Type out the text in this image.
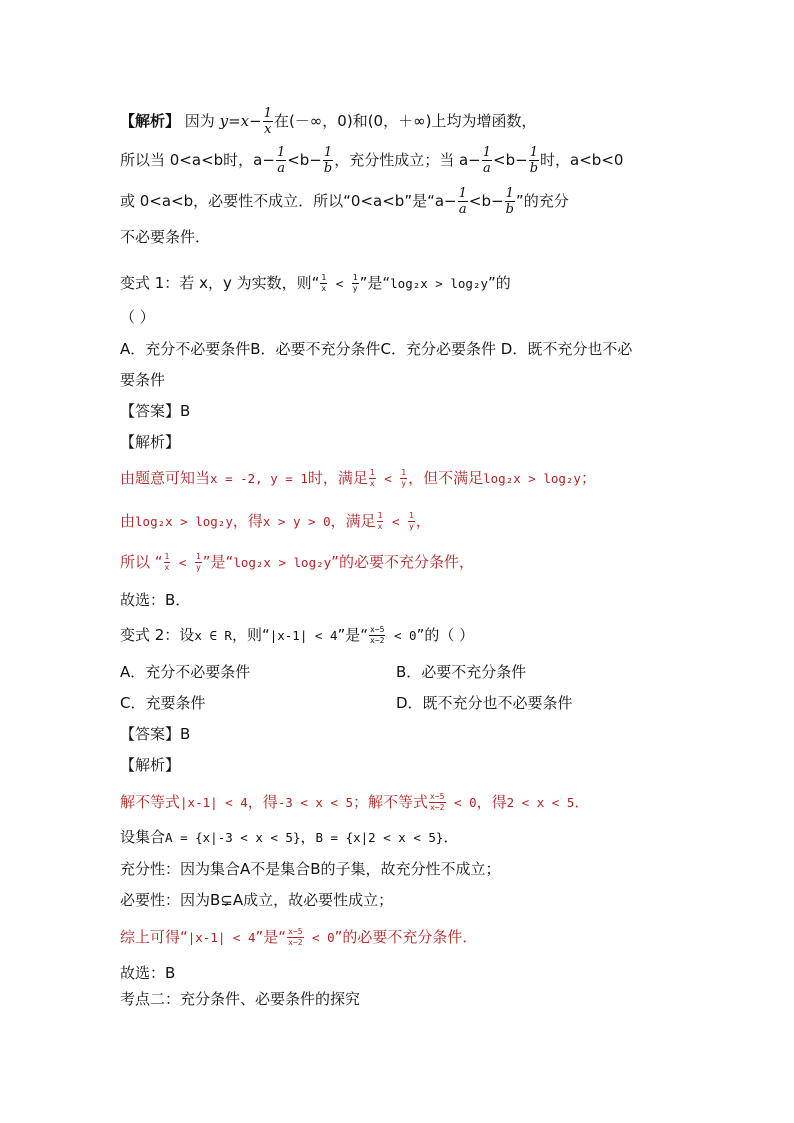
【解析】 因为 $y=x- \frac{1}{x}$ 在(－∞，0)和(0，＋∞)上均为增函数，
所以当 0<a<b时，$a- \frac{1}{a} <b- \frac{1}{b}$ ，充分性成立；当 $a- \frac{1}{a} <b- \frac{1}{b}$ 时，a<b<0
或 0<a<b，必要性不成立．所以“0<a<b”是“$a- \frac{1}{a} <b- \frac{1}{b}$ ”的充分
不必要条件．
变式 1：若 x，y 为实数，则“ $\frac{1}{x} < \frac{1}{y}$ ”是“log₂x > log₂y”的
（ ）
A．充分不必要条件B．必要不充分条件C．充分必要条件 D．既不充分也不必
要条件
【答案】B
【解析】
由题意可知当x = -2, y = 1时，满足 $\frac{1}{x} < \frac{1}{y}$ ，但不满足log₂x > log₂y；
由log₂x > log₂y，得x > y > 0，满足 $\frac{1}{x} < \frac{1}{y}$ ，
所以 “ $\frac{1}{x} < \frac{1}{y}$ ”是“log₂x > log₂y”的必要不充分条件，
故选：B．
变式 2：设x ∈ R，则“|x-1| < 4”是“ $\frac{x-5}{x-2} < 0$”的（ ）
A．充分不必要条件	B．必要不充分条件
C．充要条件	D．既不充分也不必要条件
【答案】B
【解析】
解不等式|x-1| < 4，得-3 < x < 5；解不等式 $\frac{x-5}{x-2} < 0$，得2 < x < 5．
设集合A = {x|-3 < x < 5}，B = {x|2 < x < 5}．
充分性：因为集合A不是集合B的子集，故充分性不成立；
必要性：因为B⊊A成立，故必要性成立；
综上可得“|x-1| < 4”是“ $\frac{x-5}{x-2} < 0$”的必要不充分条件．
故选：B
考点二：充分条件、必要条件的探究
